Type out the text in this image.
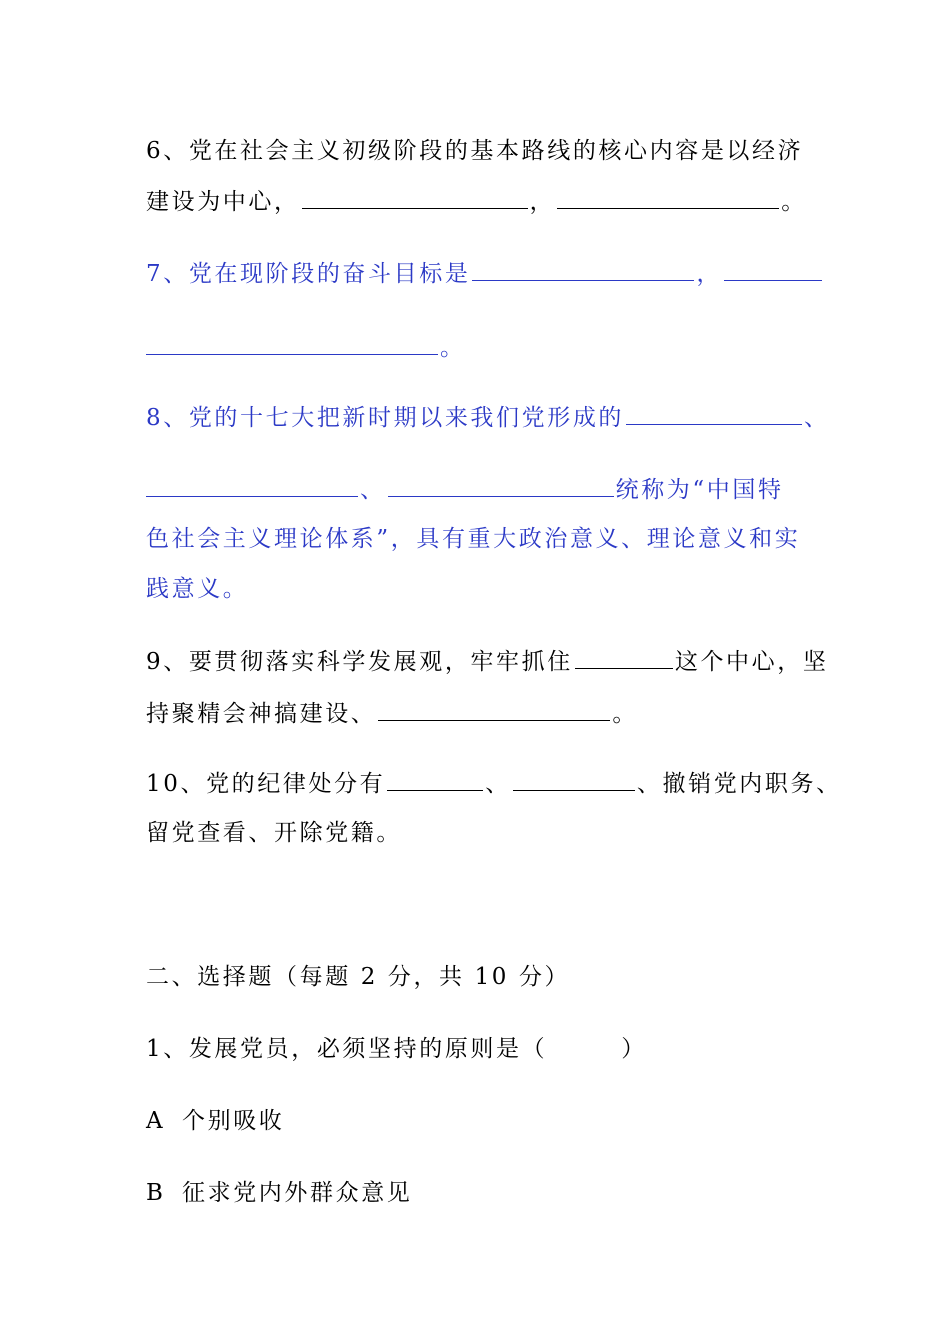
6、党在社会主义初级阶段的基本路线的核心内容是以经济
建设为中心，	，	。
7、党在现阶段的奋斗目标是	，
。
8、党的十七大把新时期以来我们党形成的	、
、	统称为“中国特
色社会主义理论体系”，具有重大政治意义、理论意义和实
践意义。
9、要贯彻落实科学发展观，牢牢抓住	这个中心，坚
持聚精会神搞建设、	。
10、党的纪律处分有	、	、撤销党内职务、
留党查看、开除党籍。
二、选择题（每题 2 分，共 10 分）
1、发展党员，必须坚持的原则是（	）
A 个别吸收
B 征求党内外群众意见
